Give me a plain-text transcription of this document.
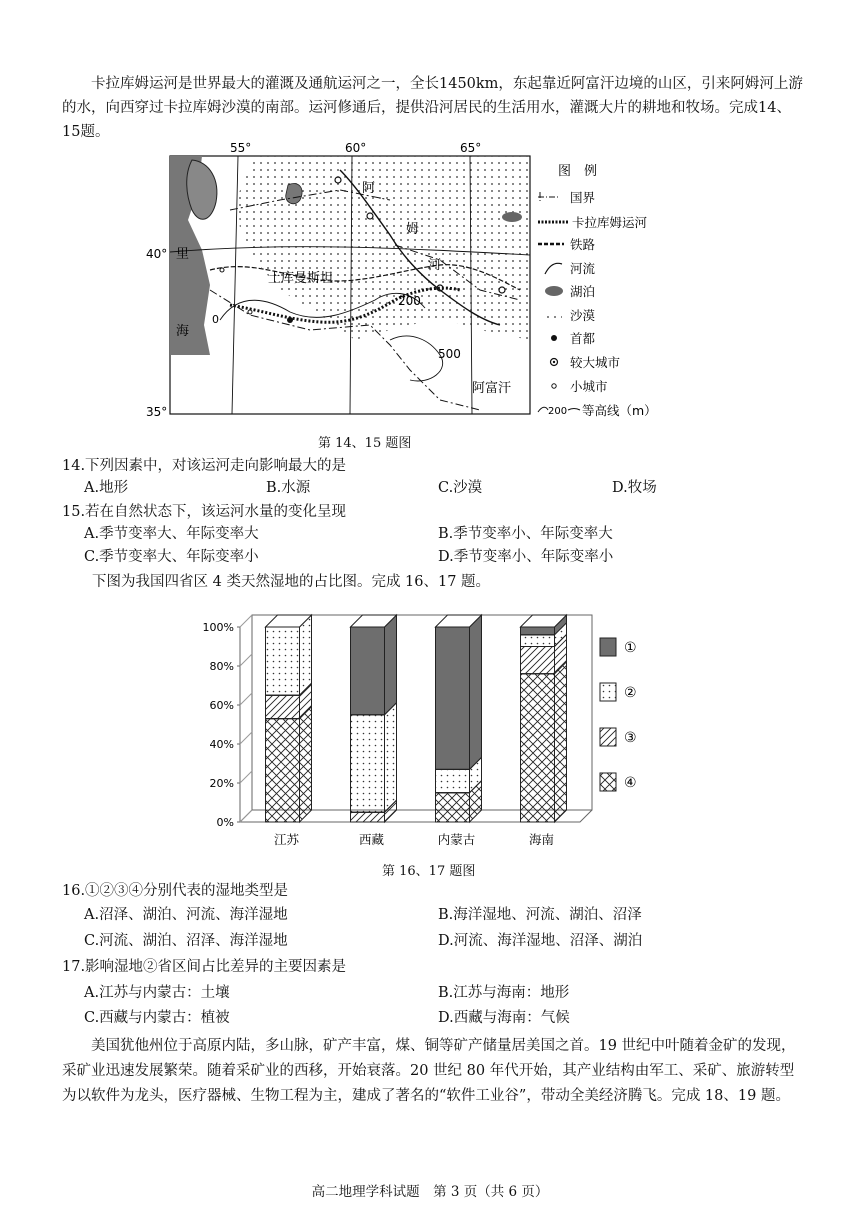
卡拉库姆运河是世界最大的灌溉及通航运河之一，全长1450km，东起靠近阿富汗边境的山区，引来阿姆河上游的水，向西穿过卡拉库姆沙漠的南部。运河修通后，提供沿河居民的生活用水，灌溉大片的耕地和牧场。完成14、15题。

55°	60°	65°
40°
35°
里
海
土库曼斯坦
阿
姆
河
200
500
0
阿富汗
图　例
国界
卡拉库姆运河
铁路
河流
湖泊
沙漠
首都
较大城市
小城市
200 等高线（m）
第 14、15 题图
14.下列因素中，对该运河走向影响最大的是
A.地形	B.水源	C.沙漠	D.牧场
15.若在自然状态下，该运河水量的变化呈现
A.季节变率大、年际变率大	B.季节变率小、年际变率大
C.季节变率大、年际变率小	D.季节变率小、年际变率小
下图为我国四省区 4 类天然湿地的占比图。完成 16、17 题。
0%
20%
40%
60%
80%
100%
江苏	西藏	内蒙古	海南
①
②
③
④
第 16、17 题图
16.①②③④分别代表的湿地类型是
A.沼泽、湖泊、河流、海洋湿地	B.海洋湿地、河流、湖泊、沼泽
C.河流、湖泊、沼泽、海洋湿地	D.河流、海洋湿地、沼泽、湖泊
17.影响湿地②省区间占比差异的主要因素是
A.江苏与内蒙古：土壤	B.江苏与海南：地形
C.西藏与内蒙古：植被	D.西藏与海南：气候

美国犹他州位于高原内陆，多山脉，矿产丰富，煤、铜等矿产储量居美国之首。19 世纪中叶随着金矿的发现，采矿业迅速发展繁荣。随着采矿业的西移，开始衰落。20 世纪 80 年代开始，其产业结构由军工、采矿、旅游转型为以软件为龙头，医疗器械、生物工程为主，建成了著名的“软件工业谷”，带动全美经济腾飞。完成 18、19 题。

高二地理学科试题　第 3 页（共 6 页）
